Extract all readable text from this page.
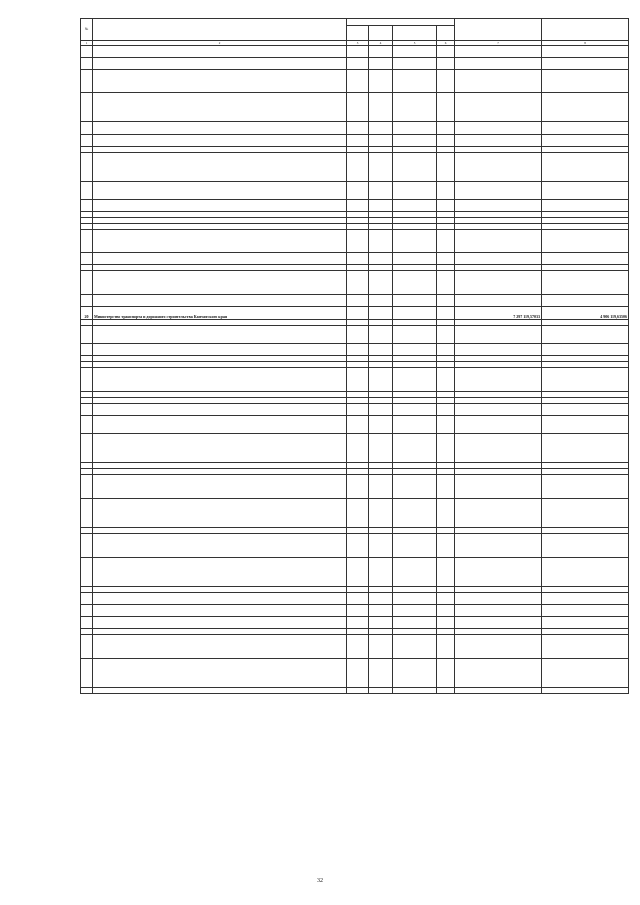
№							

1	2	3	4	5	6	7	8

20	Министерство транспорта и дорожного строительства Камчатского края					7 297 119,57033	4 906 119,63506

32
